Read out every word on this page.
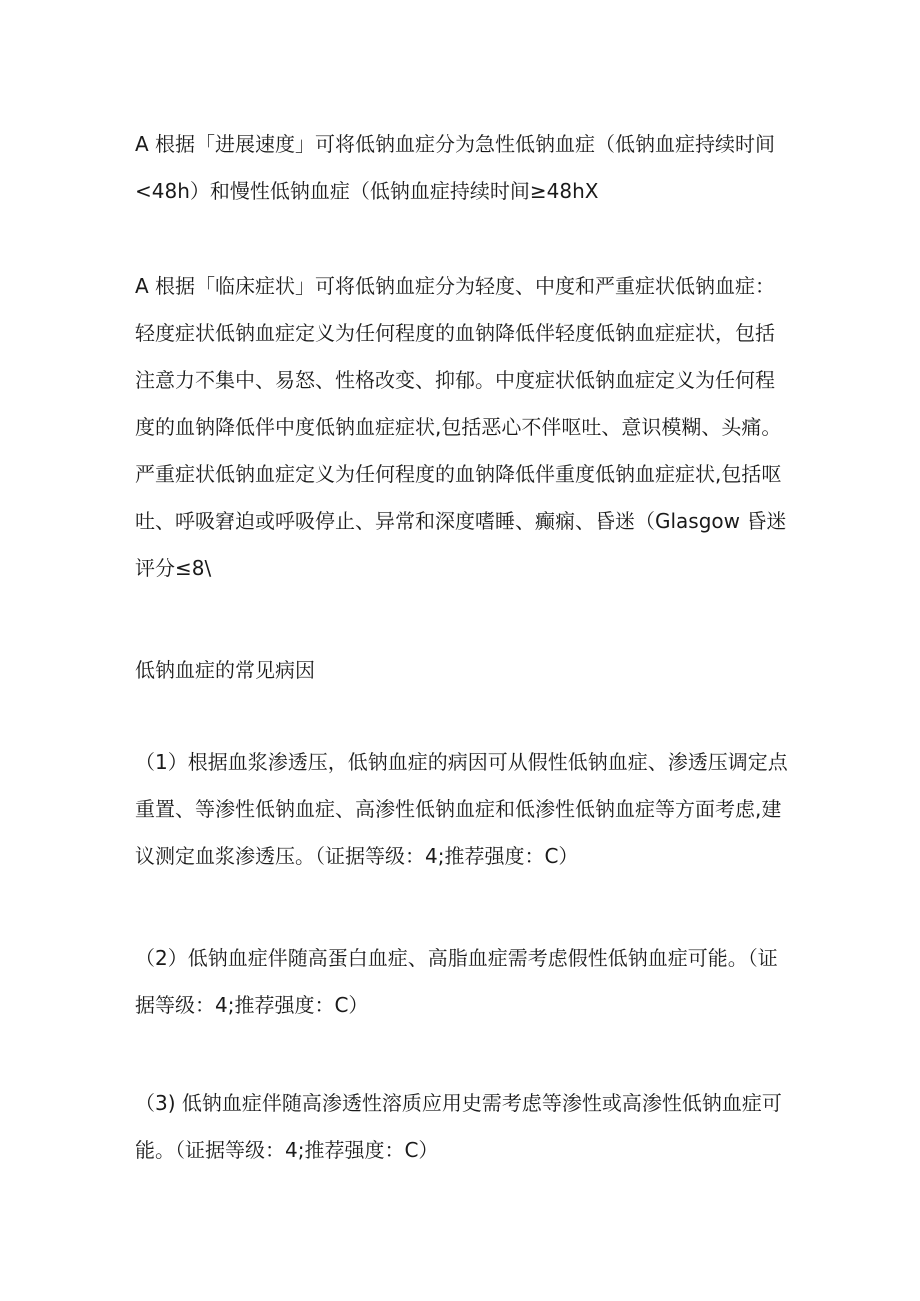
A 根据「进展速度」可将低钠血症分为急性低钠血症（低钠血症持续时间
<48h）和慢性低钠血症（低钠血症持续时间≥48hX
A 根据「临床症状」可将低钠血症分为轻度、中度和严重症状低钠血症：
轻度症状低钠血症定义为任何程度的血钠降低伴轻度低钠血症症状，包括
注意力不集中、易怒、性格改变、抑郁。中度症状低钠血症定义为任何程
度的血钠降低伴中度低钠血症症状,包括恶心不伴呕吐、意识模糊、头痛。
严重症状低钠血症定义为任何程度的血钠降低伴重度低钠血症症状,包括呕
吐、呼吸窘迫或呼吸停止、异常和深度嗜睡、癫痫、昏迷（Glasgow 昏迷
评分≤8\
低钠血症的常见病因
（1）根据血浆渗透压，低钠血症的病因可从假性低钠血症、渗透压调定点
重置、等渗性低钠血症、高渗性低钠血症和低渗性低钠血症等方面考虑,建
议测定血浆渗透压。（证据等级：4;推荐强度：C）
（2）低钠血症伴随高蛋白血症、高脂血症需考虑假性低钠血症可能。（证
据等级：4;推荐强度：C）
（3) 低钠血症伴随高渗透性溶质应用史需考虑等渗性或高渗性低钠血症可
能。（证据等级：4;推荐强度：C）
